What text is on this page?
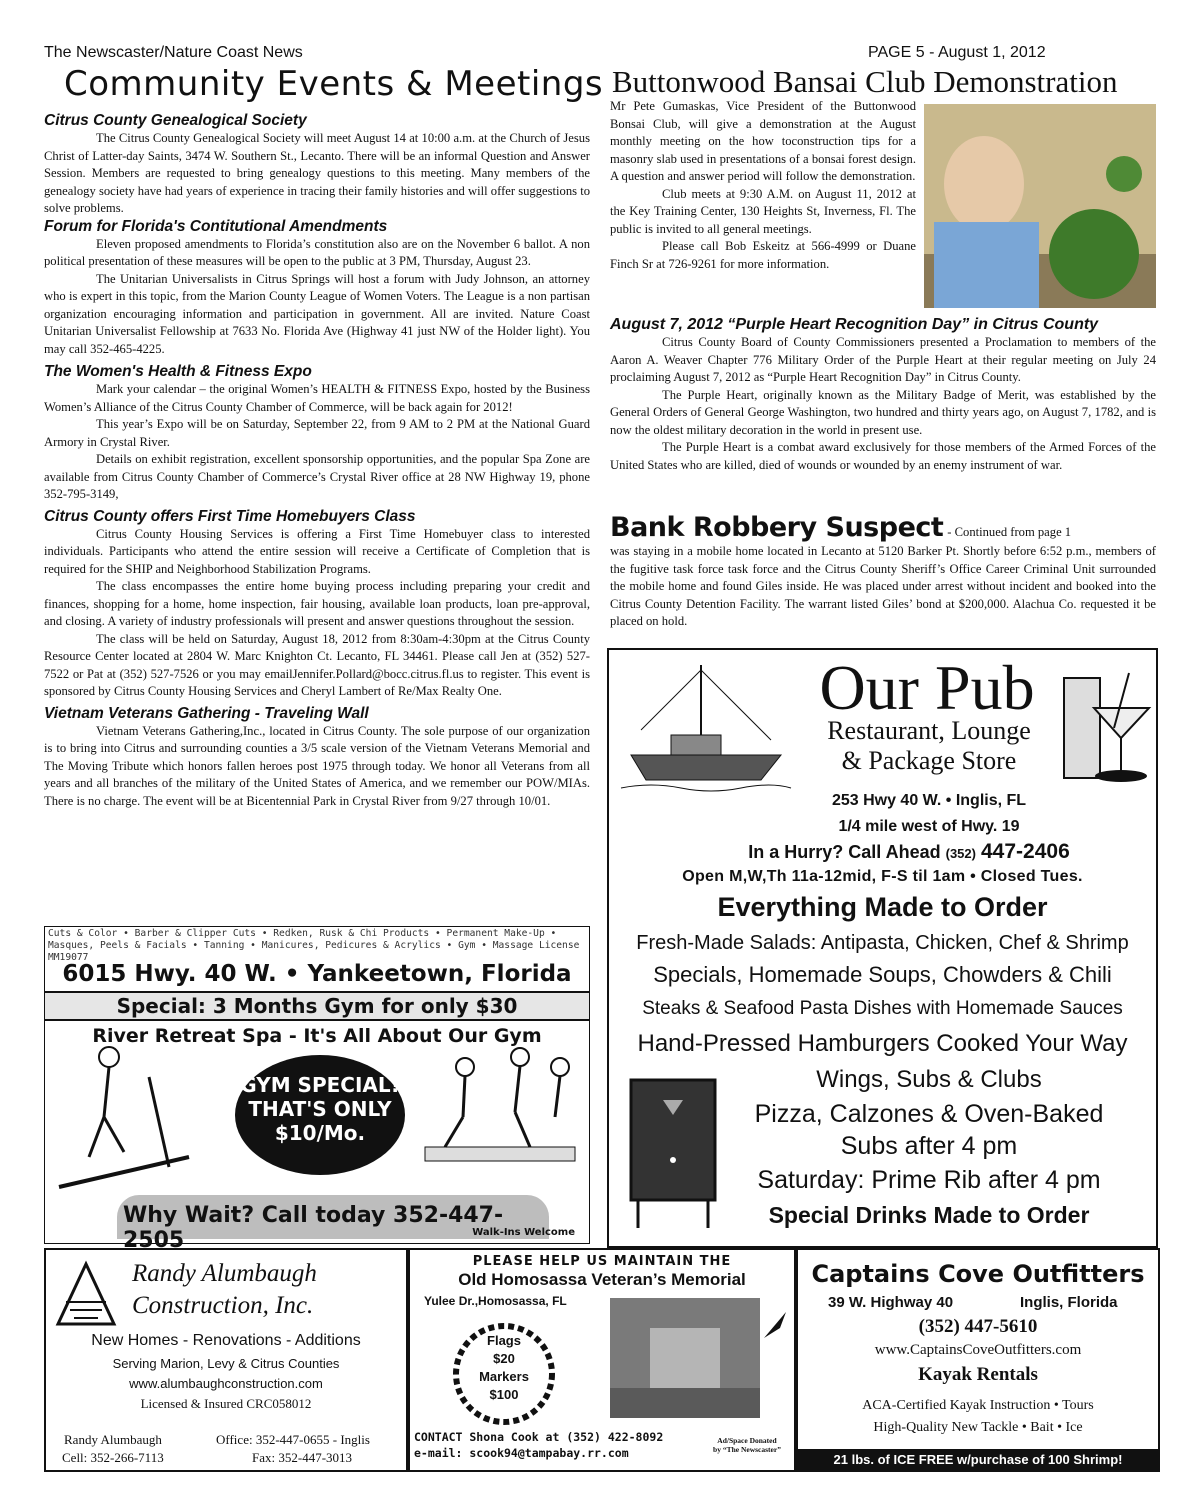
The Newscaster/Nature Coast News	PAGE 5 - August 1, 2012
Community Events & Meetings Buttonwood Bansai Club Demonstration
Citrus County Genealogical Society

The Citrus County Genealogical Society will meet August 14 at 10:00 a.m. at the Church of Jesus Christ of Latter-day Saints, 3474 W. Southern St., Lecanto. There will be an informal Question and Answer Session. Members are requested to bring genealogy questions to this meeting. Many members of the genealogy society have had years of experience in tracing their family histories and will offer suggestions to solve problems.

Forum for Florida's Contitutional Amendments

Eleven proposed amendments to Florida’s constitution also are on the November 6 ballot. A non political presentation of these measures will be open to the public at 3 PM, Thursday, August 23.

The Unitarian Universalists in Citrus Springs will host a forum with Judy Johnson, an attorney who is expert in this topic, from the Marion County League of Women Voters. The League is a non partisan organization encouraging information and participation in government. All are invited. Nature Coast Unitarian Universalist Fellowship at 7633 No. Florida Ave (Highway 41 just NW of the Holder light). You may call 352-465-4225.

The Women's Health & Fitness Expo

Mark your calendar – the original Women’s HEALTH & FITNESS Expo, hosted by the Business Women’s Alliance of the Citrus County Chamber of Commerce, will be back again for 2012!

This year’s Expo will be on Saturday, September 22, from 9 AM to 2 PM at the National Guard Armory in Crystal River.

Details on exhibit registration, excellent sponsorship opportunities, and the popular Spa Zone are available from Citrus County Chamber of Commerce’s Crystal River office at 28 NW Highway 19, phone 352-795-3149,

Citrus County offers First Time Homebuyers Class

Citrus County Housing Services is offering a First Time Homebuyer class to interested individuals. Participants who attend the entire session will receive a Certificate of Completion that is required for the SHIP and Neighborhood Stabilization Programs.

The class encompasses the entire home buying process including preparing your credit and finances, shopping for a home, home inspection, fair housing, available loan products, loan pre-approval, and closing. A variety of industry professionals will present and answer questions throughout the session.

The class will be held on Saturday, August 18, 2012 from 8:30am-4:30pm at the Citrus County Resource Center located at 2804 W. Marc Knighton Ct. Lecanto, FL 34461. Please call Jen at (352) 527-7522 or Pat at (352) 527-7526 or you may emailJennifer.Pollard@bocc.citrus.fl.us to register. This event is sponsored by Citrus County Housing Services and Cheryl Lambert of Re/Max Realty One.

Vietnam Veterans Gathering - Traveling Wall

Vietnam Veterans Gathering,Inc., located in Citrus County. The sole purpose of our organization is to bring into Citrus and surrounding counties a 3/5 scale version of the Vietnam Veterans Memorial and The Moving Tribute which honors fallen heroes post 1975 through today. We honor all Veterans from all years and all branches of the military of the United States of America, and we remember our POW/MIAs. There is no charge. The event will be at Bicentennial Park in Crystal River from 9/27 through 10/01.

Mr Pete Gumaskas, Vice President of the Buttonwood Bonsai Club, will give a demonstration at the August monthly meeting on the how toconstruction tips for a masonry slab used in presentations of a bonsai forest design. A question and answer period will follow the demonstration.

Club meets at 9:30 A.M. on August 11, 2012 at the Key Training Center, 130 Heights St, Inverness, Fl. The public is invited to all general meetings.

Please call Bob Eskeitz at 566-4999 or Duane Finch Sr at 726-9261 for more information.

August 7, 2012 “Purple Heart Recognition Day” in Citrus County

Citrus County Board of County Commissioners presented a Proclamation to members of the Aaron A. Weaver Chapter 776 Military Order of the Purple Heart at their regular meeting on July 24 proclaiming August 7, 2012 as “Purple Heart Recognition Day” in Citrus County.

The Purple Heart, originally known as the Military Badge of Merit, was established by the General Orders of General George Washington, two hundred and thirty years ago, on August 7, 1782, and is now the oldest military decoration in the world in present use.

The Purple Heart is a combat award exclusively for those members of the Armed Forces of the United States who are killed, died of wounds or wounded by an enemy instrument of war.

Bank Robbery Suspect - Continued from page 1

was staying in a mobile home located in Lecanto at 5120 Barker Pt. Shortly before 6:52 p.m., members of the fugitive task force task force and the Citrus County Sheriff’s Office Career Criminal Unit surrounded the mobile home and found Giles inside. He was placed under arrest without incident and booked into the Citrus County Detention Facility. The warrant listed Giles’ bond at $200,000. Alachua Co. requested it be placed on hold.

Cuts & Color • Barber & Clipper Cuts • Redken, Rusk & Chi Products • Permanent Make-Up • Masques, Peels & Facials • Tanning • Manicures, Pedicures & Acrylics • Gym • Massage License MM19077
6015 Hwy. 40 W. • Yankeetown, Florida
Special: 3 Months Gym for only $30
River Retreat Spa - It's All About Our Gym
GYM SPECIAL!
THAT'S ONLY
$10/Mo.
Why Wait? Call today 352-447-2505	Walk-Ins Welcome
Our Pub
Restaurant, Lounge
& Package Store
253 Hwy 40 W. • Inglis, FL
1/4 mile west of Hwy. 19
In a Hurry? Call Ahead (352) 447-2406
Open M,W,Th 11a-12mid, F-S til 1am • Closed Tues.
Everything Made to Order
Fresh-Made Salads: Antipasta, Chicken, Chef & Shrimp
Specials, Homemade Soups, Chowders & Chili
Steaks & Seafood Pasta Dishes with Homemade Sauces
Hand-Pressed Hamburgers Cooked Your Way
Wings, Subs & Clubs
Pizza, Calzones & Oven-Baked
Subs after 4 pm
Saturday: Prime Rib after 4 pm
Special Drinks Made to Order
Randy Alumbaugh
Construction, Inc.
New Homes - Renovations - Additions
Serving Marion, Levy & Citrus Counties
www.alumbaughconstruction.com
Licensed & Insured CRC058012
Randy Alumbaugh
Cell: 352-266-7113
Office: 352-447-0655 - Inglis
Fax: 352-447-3013
PLEASE HELP US MAINTAIN THE
Old Homosassa Veteran’s Memorial
Yulee Dr.,Homosassa, FL
Flags
$20
Markers
$100
CONTACT Shona Cook at (352) 422-8092
e-mail: scook94@tampabay.rr.com
Ad/Space Donated
by “The Newscaster”
Captains Cove Outfitters
39 W. Highway 40	Inglis, Florida
(352) 447-5610
www.CaptainsCoveOutfitters.com
Kayak Rentals
ACA-Certified Kayak Instruction • Tours
High-Quality New Tackle • Bait • Ice
21 lbs. of ICE FREE w/purchase of 100 Shrimp!
